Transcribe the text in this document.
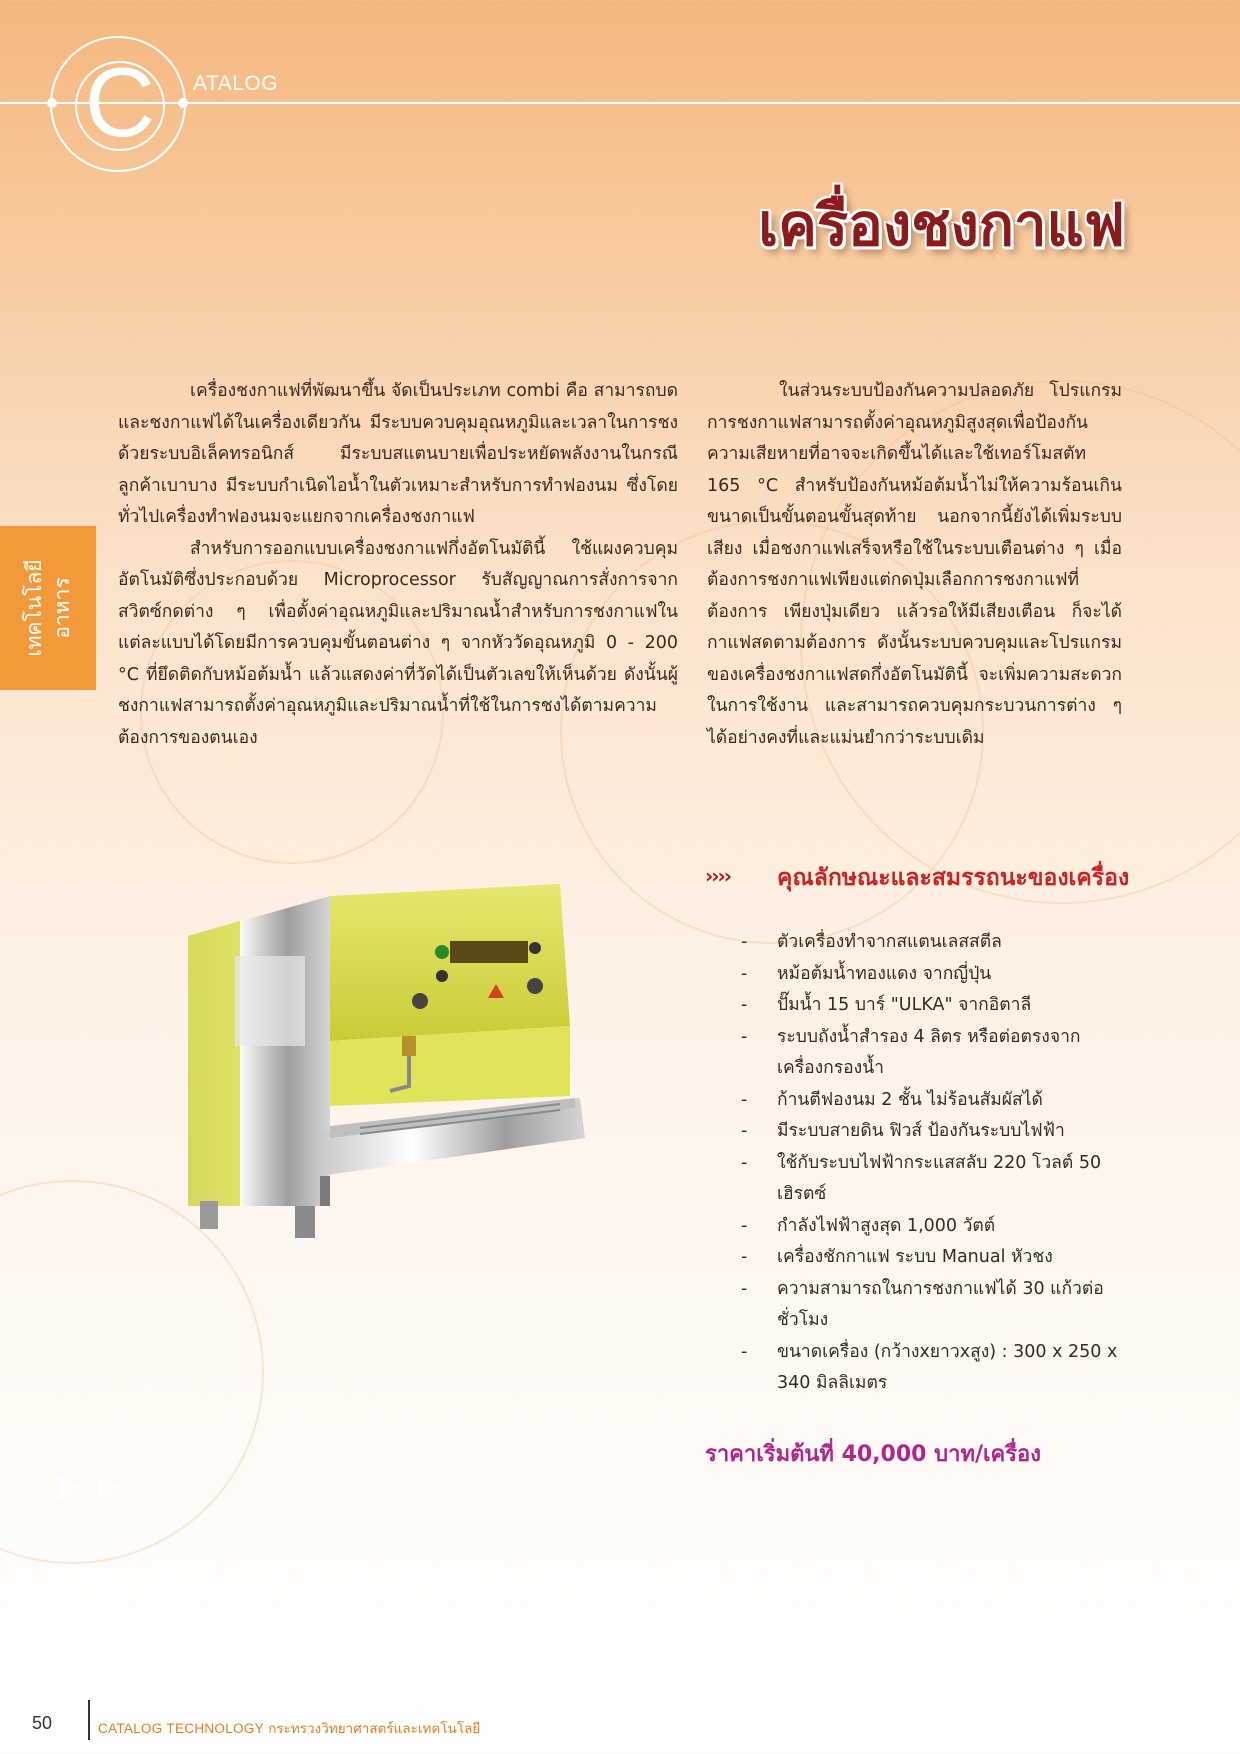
C	ATALOG
เครื่องชงกาแฟ
เทคโนโลยี อาหาร

เครื่องชงกาแฟที่พัฒนาขึ้น จัดเป็นประเภท combi คือ สามารถบดและชงกาแฟได้ในเครื่องเดียวกัน มีระบบควบคุมอุณหภูมิและเวลาในการชงด้วยระบบอิเล็คทรอนิกส์ มีระบบสแตนบายเพื่อประหยัดพลังงานในกรณีลูกค้าเบาบาง มีระบบกำเนิดไอน้ำในตัวเหมาะสำหรับการทำฟองนม ซึ่งโดยทั่วไปเครื่องทำฟองนมจะแยกจากเครื่องชงกาแฟ

สำหรับการออกแบบเครื่องชงกาแฟกึ่งอัตโนมัตินี้ ใช้แผงควบคุมอัตโนมัติซึ่งประกอบด้วย Microprocessor รับสัญญาณการสั่งการจากสวิตซ์กดต่าง ๆ เพื่อตั้งค่าอุณหภูมิและปริมาณน้ำสำหรับการชงกาแฟในแต่ละแบบได้โดยมีการควบคุมขั้นตอนต่าง ๆ จากหัววัดอุณหภูมิ 0 - 200 °C ที่ยึดติดกับหม้อต้มน้ำ แล้วแสดงค่าที่วัดได้เป็นตัวเลขให้เห็นด้วย ดังนั้นผู้ชงกาแฟสามารถตั้งค่าอุณหภูมิและปริมาณน้ำที่ใช้ในการชงได้ตามความต้องการของตนเอง

ในส่วนระบบป้องกันความปลอดภัย โปรแกรมการชงกาแฟสามารถตั้งค่าอุณหภูมิสูงสุดเพื่อป้องกันความเสียหายที่อาจจะเกิดขึ้นได้และใช้เทอร์โมสตัท 165 °C สำหรับป้องกันหม้อต้มน้ำไม่ให้ความร้อนเกินขนาดเป็นขั้นตอนขั้นสุดท้าย นอกจากนี้ยังได้เพิ่มระบบเสียง เมื่อชงกาแฟเสร็จหรือใช้ในระบบเตือนต่าง ๆ เมื่อต้องการชงกาแฟเพียงแต่กดปุ่มเลือกการชงกาแฟที่ต้องการ เพียงปุ่มเดียว แล้วรอให้มีเสียงเตือน ก็จะได้กาแฟสดตามต้องการ ดังนั้นระบบควบคุมและโปรแกรมของเครื่องชงกาแฟสดกึ่งอัตโนมัตินี้ จะเพิ่มความสะดวกในการใช้งาน และสามารถควบคุมกระบวนการต่าง ๆ ได้อย่างคงที่และแม่นยำกว่าระบบเดิม

›››› คุณลักษณะและสมรรถนะของเครื่อง
- ตัวเครื่องทำจากสแตนเลสสตีล
- หม้อต้มน้ำทองแดง จากญี่ปุ่น
- ปั๊มน้ำ 15 บาร์ "ULKA" จากอิตาลี
- ระบบถังน้ำสำรอง 4 ลิตร หรือต่อตรงจากเครื่องกรองน้ำ
- ก้านตีฟองนม 2 ชั้น ไม่ร้อนสัมผัสได้
- มีระบบสายดิน ฟิวส์ ป้องกันระบบไฟฟ้า
- ใช้กับระบบไฟฟ้ากระแสสลับ 220 โวลต์ 50 เฮิรตซ์
- กำลังไฟฟ้าสูงสุด 1,000 วัตต์
- เครื่องชักกาแฟ ระบบ Manual หัวชง
- ความสามารถในการชงกาแฟได้ 30 แก้วต่อชั่วโมง
- ขนาดเครื่อง (กว้างxยาวxสูง) : 300 x 250 x 340 มิลลิเมตร
ราคาเริ่มต้นที่ 40,000 บาท/เครื่อง
50	CATALOG TECHNOLOGY กระทรวงวิทยาศาสตร์และเทคโนโลยี
